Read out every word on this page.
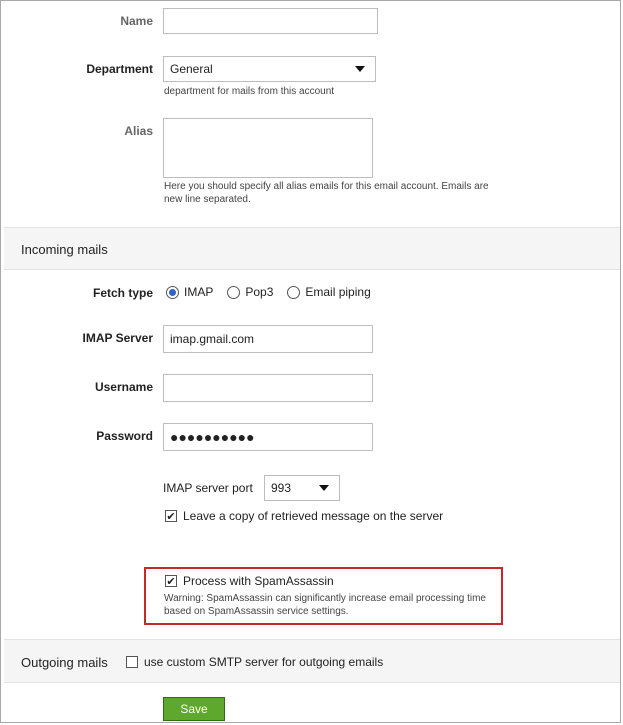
Name
Department General
department for mails from this account
Alias
Here you should specify all alias emails for this email account. Emails are new line separated.
Incoming mails
Fetch type	IMAP	Pop3	Email piping
IMAP Server	imap.gmail.com
Username
Password	●●●●●●●●●●
IMAP server port 993
✔ Leave a copy of retrieved message on the server
✔ Process with SpamAssassin
Warning: SpamAssassin can significantly increase email processing time based on SpamAssassin service settings.
Outgoing mails	use custom SMTP server for outgoing emails
Save
